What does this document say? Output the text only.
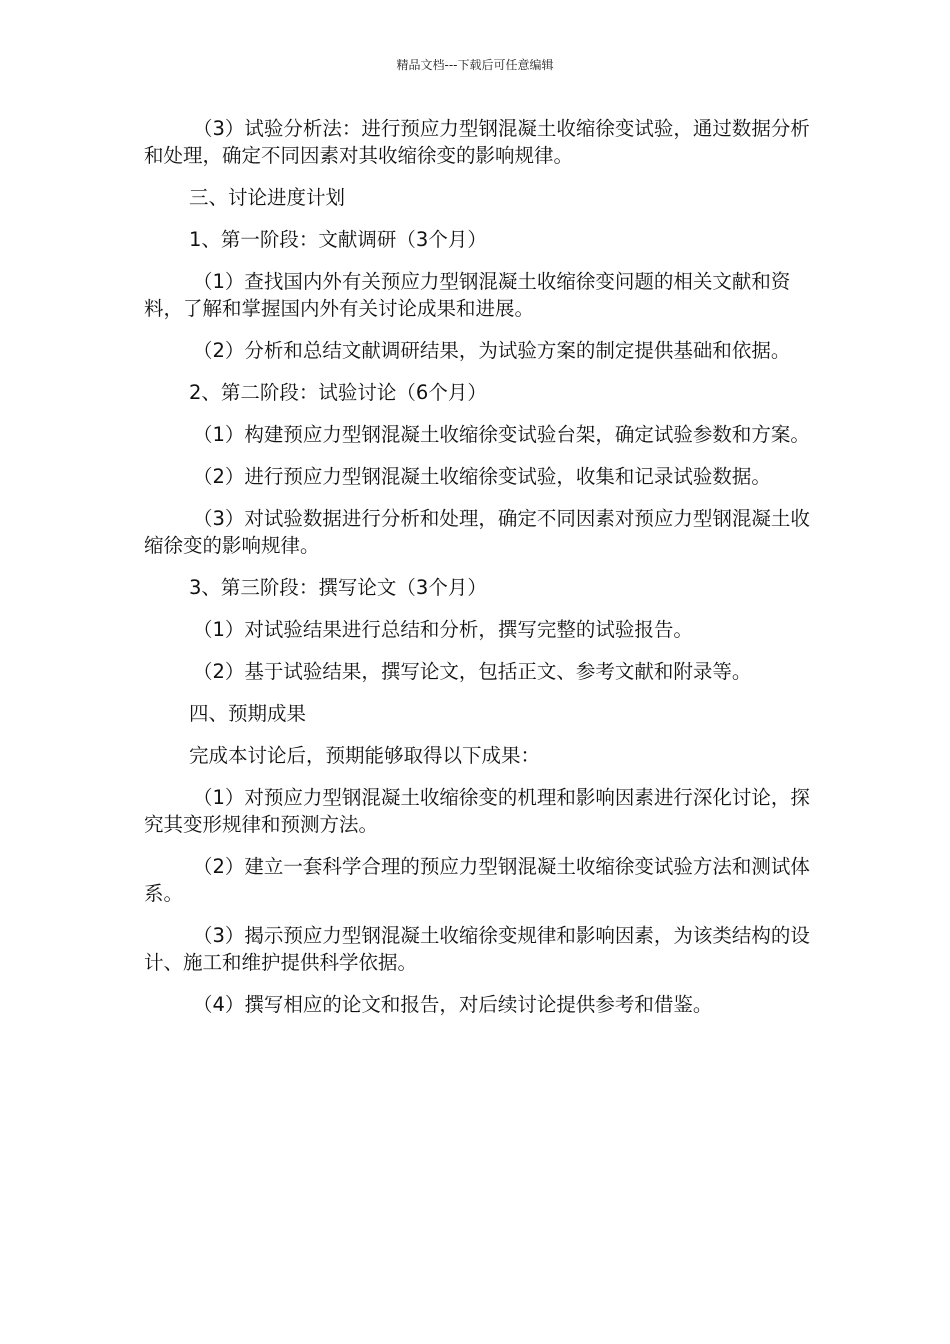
精品文档---下载后可任意编辑

（3）试验分析法：进行预应力型钢混凝土收缩徐变试验，通过数据分析和处理，确定不同因素对其收缩徐变的影响规律。

三、讨论进度计划

1、第一阶段：文献调研（3个月）

（1）查找国内外有关预应力型钢混凝土收缩徐变问题的相关文献和资料，了解和掌握国内外有关讨论成果和进展。

（2）分析和总结文献调研结果，为试验方案的制定提供基础和依据。

2、第二阶段：试验讨论（6个月）

（1）构建预应力型钢混凝土收缩徐变试验台架，确定试验参数和方案。

（2）进行预应力型钢混凝土收缩徐变试验，收集和记录试验数据。

（3）对试验数据进行分析和处理，确定不同因素对预应力型钢混凝土收缩徐变的影响规律。

3、第三阶段：撰写论文（3个月）

（1）对试验结果进行总结和分析，撰写完整的试验报告。

（2）基于试验结果，撰写论文，包括正文、参考文献和附录等。

四、预期成果

完成本讨论后，预期能够取得以下成果：

（1）对预应力型钢混凝土收缩徐变的机理和影响因素进行深化讨论，探究其变形规律和预测方法。

（2）建立一套科学合理的预应力型钢混凝土收缩徐变试验方法和测试体系。

（3）揭示预应力型钢混凝土收缩徐变规律和影响因素，为该类结构的设计、施工和维护提供科学依据。

（4）撰写相应的论文和报告，对后续讨论提供参考和借鉴。
